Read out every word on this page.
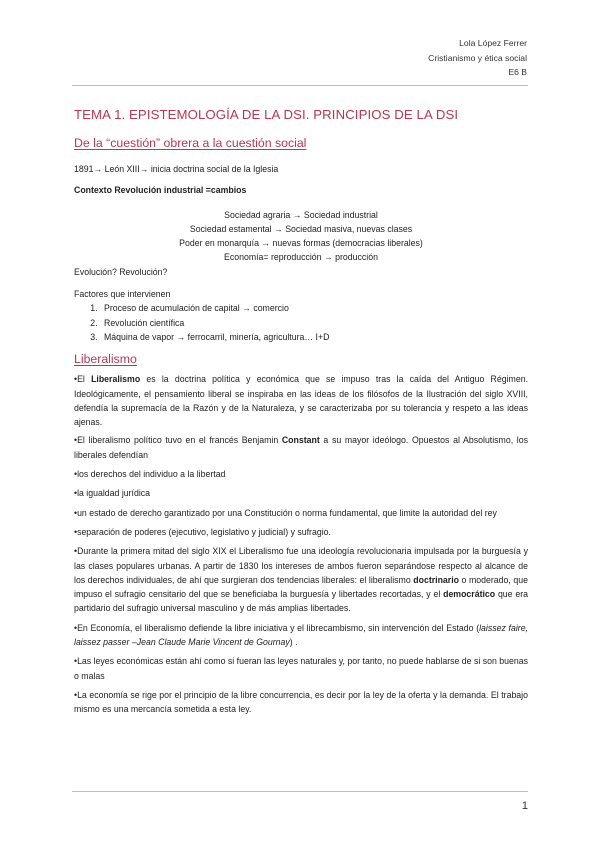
Lola López Ferrer
Cristianismo y ética social
E6 B
TEMA 1. EPISTEMOLOGÍA DE LA DSI. PRINCIPIOS DE LA DSI
De la “cuestión” obrera a la cuestión social

1891→ León XIII→ inicia doctrina social de la Iglesia

Contexto Revolución industrial =cambios

Sociedad agraria → Sociedad industrial

Sociedad estamental → Sociedad masiva, nuevas clases

Poder en monarquía → nuevas formas (democracias liberales)

Economía= reproducción → producción

Evolución? Revolución?

Factores que intervienen

1. Proceso de acumulación de capital → comercio
2. Revolución científica
3. Máquina de vapor → ferrocarril, minería, agricultura… I+D
Liberalismo

•El Liberalismo es la doctrina política y económica que se impuso tras la caída del Antiguo Régimen. Ideológicamente, el pensamiento liberal se inspiraba en las ideas de los filósofos de la Ilustración del siglo XVIII, defendía la supremacía de la Razón y de la Naturaleza, y se caracterizaba por su tolerancia y respeto a las ideas ajenas.

•El liberalismo político tuvo en el francés Benjamin Constant a su mayor ideólogo. Opuestos al Absolutismo, los liberales defendían

•los derechos del individuo a la libertad

•la igualdad jurídica

•un estado de derecho garantizado por una Constitución o norma fundamental, que limite la autoridad del rey

•separación de poderes (ejecutivo, legislativo y judicial) y sufragio.

•Durante la primera mitad del siglo XIX el Liberalismo fue una ideología revolucionaria impulsada por la burguesía y las clases populares urbanas. A partir de 1830 los intereses de ambos fueron separándose respecto al alcance de los derechos individuales, de ahí que surgieran dos tendencias liberales: el liberalismo doctrinario o moderado, que impuso el sufragio censitario del que se beneficiaba la burguesía y libertades recortadas, y el democrático que era partidario del sufragio universal masculino y de más amplias libertades.

•En Economía, el liberalismo defiende la libre iniciativa y el librecambismo, sin intervención del Estado (laissez faire, laissez passer –Jean Claude Marie Vincent de Gournay) .

•Las leyes económicas están ahí como si fueran las leyes naturales y, por tanto, no puede hablarse de si son buenas o malas

•La economía se rige por el principio de la libre concurrencia, es decir por la ley de la oferta y la demanda. El trabajo mismo es una mercancía sometida a esta ley.

1
